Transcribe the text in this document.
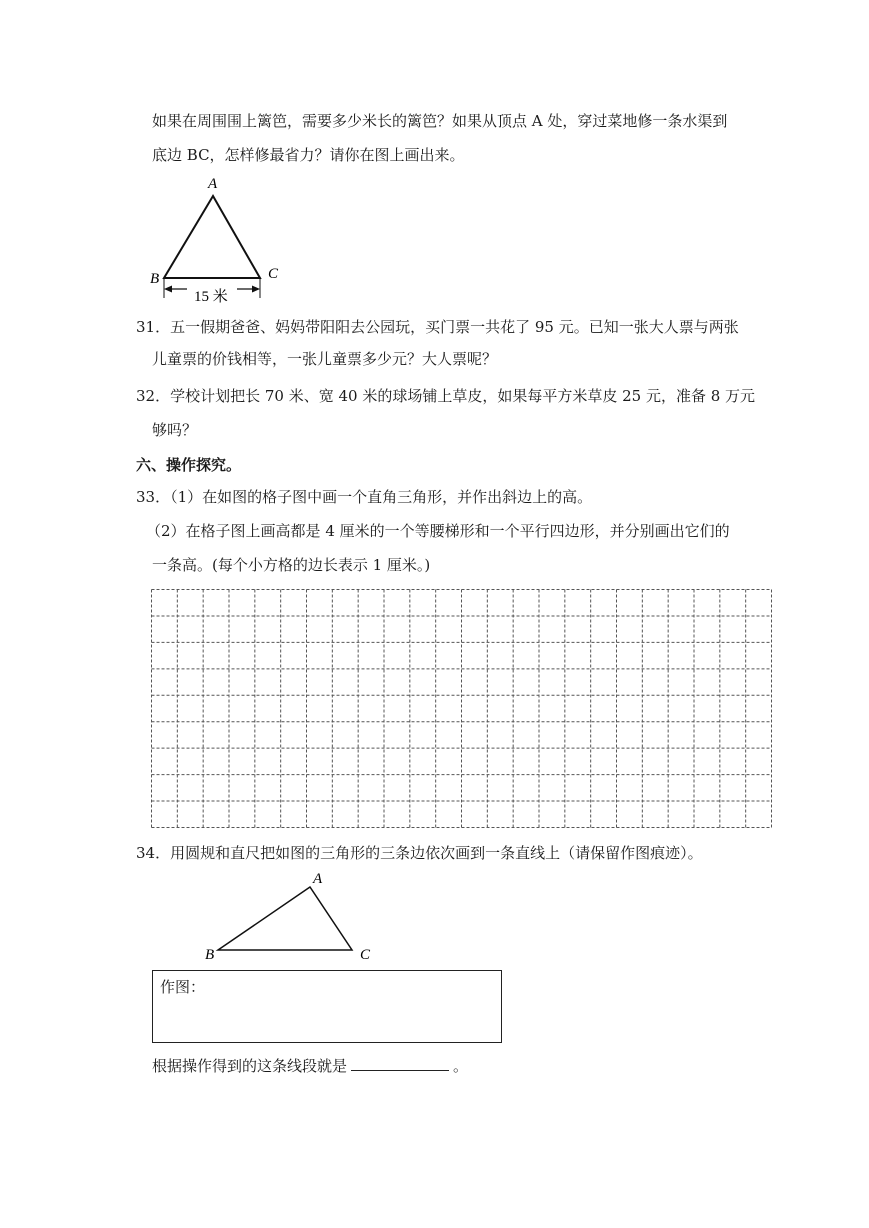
如果在周围围上篱笆，需要多少米长的篱笆？如果从顶点 A 处，穿过菜地修一条水渠到
底边 BC，怎样修最省力？请你在图上画出来。
A
B	C
15 米
31．五一假期爸爸、妈妈带阳阳去公园玩，买门票一共花了 95 元。已知一张大人票与两张
儿童票的价钱相等，一张儿童票多少元？大人票呢？
32．学校计划把长 70 米、宽 40 米的球场铺上草皮，如果每平方米草皮 25 元，准备 8 万元
够吗？
六、操作探究。
33．（1）在如图的格子图中画一个直角三角形，并作出斜边上的高。
（2）在格子图上画高都是 4 厘米的一个等腰梯形和一个平行四边形，并分别画出它们的
一条高。(每个小方格的边长表示 1 厘米。)
34．用圆规和直尺把如图的三角形的三条边依次画到一条直线上（请保留作图痕迹）。
A
B	C
作图：
根据操作得到的这条线段就是	。
